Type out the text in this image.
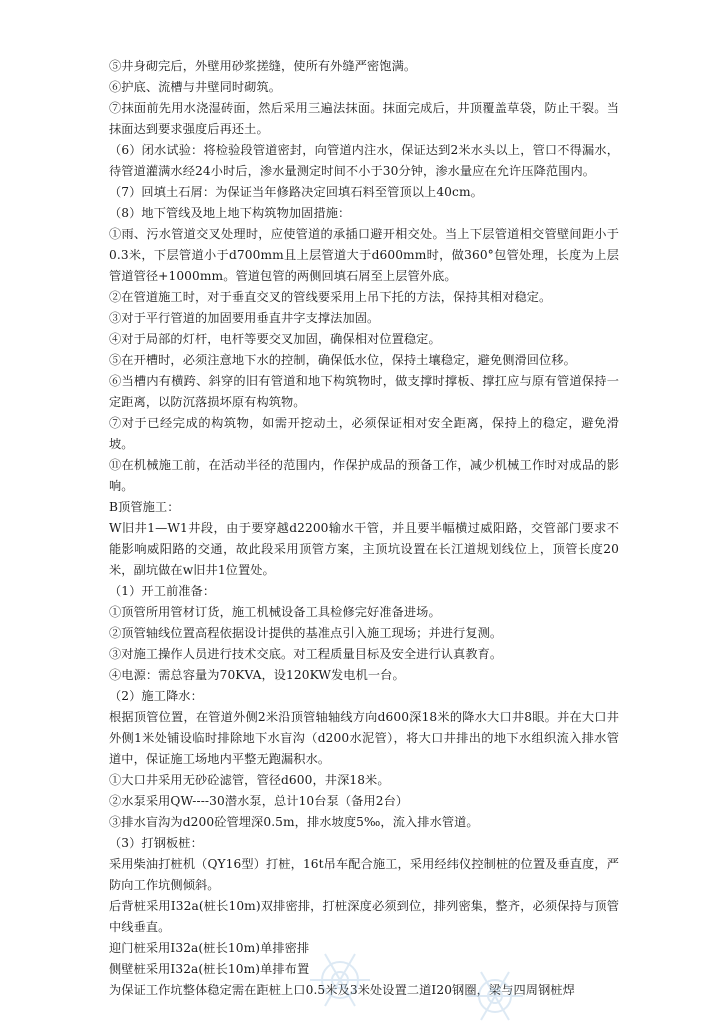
⑤井身砌完后，外壁用砂浆搓缝，使所有外缝严密饱满。

⑥护底、流槽与井壁同时砌筑。

⑦抹面前先用水浇湿砖面，然后采用三遍法抹面。抹面完成后，井顶覆盖草袋，防止干裂。当抹面达到要求强度后再还土。

（6）闭水试验：将检验段管道密封，向管道内注水，保证达到2米水头以上，管口不得漏水，待管道灌满水经24小时后，渗水量测定时间不小于30分钟，渗水量应在允许压降范围内。

（7）回填土石屑：为保证当年修路决定回填石料至管顶以上40cm。

（8）地下管线及地上地下构筑物加固措施：

①雨、污水管道交叉处理时，应使管道的承插口避开相交处。当上下层管道相交管壁间距小于0.3米，下层管道小于d700mm且上层管道大于d600mm时，做360°包管处理，长度为上层管道管径+1000mm。管道包管的两侧回填石屑至上层管外底。

②在管道施工时，对于垂直交叉的管线要采用上吊下托的方法，保持其相对稳定。

③对于平行管道的加固要用垂直井字支撑法加固。

④对于局部的灯杆，电杆等要交叉加固，确保相对位置稳定。

⑤在开槽时，必须注意地下水的控制，确保低水位，保持土壤稳定，避免侧滑回位移。

⑥当槽内有横跨、斜穿的旧有管道和地下构筑物时，做支撑时撑板、撑扛应与原有管道保持一定距离，以防沉落损坏原有构筑物。

⑦对于已经完成的构筑物，如需开挖动土，必须保证相对安全距离，保持上的稳定，避免滑坡。

⑪在机械施工前，在活动半径的范围内，作保护成品的预备工作，减少机械工作时对成品的影响。

B顶管施工：

W旧井1—W1井段，由于要穿越d2200输水干管，并且要半幅横过威阳路，交管部门要求不能影响威阳路的交通，故此段采用顶管方案，主顶坑设置在长江道规划线位上，顶管长度20米，副坑做在w旧井1位置处。

（1）开工前准备：

①顶管所用管材订货，施工机械设备工具检修完好准备进场。

②顶管轴线位置高程依据设计提供的基准点引入施工现场；并进行复测。

③对施工操作人员进行技术交底。对工程质量目标及安全进行认真教育。

④电源：需总容量为70KVA，设120KW发电机一台。

（2）施工降水：

根据顶管位置，在管道外侧2米沿顶管轴轴线方向d600深18米的降水大口井8眼。并在大口井外侧1米处铺设临时排除地下水盲沟（d200水泥管），将大口井排出的地下水组织流入排水管道中，保证施工场地内平整无跑漏积水。

①大口井采用无砂砼滤管，管径d600，井深18米。

②水泵采用QW----30潜水泵，总计10台泵（备用2台）

③排水盲沟为d200砼管埋深0.5m，排水坡度5‰，流入排水管道。

（3）打钢板桩：

采用柴油打桩机（QY16型）打桩，16t吊车配合施工，采用经纬仪控制桩的位置及垂直度，严防向工作坑侧倾斜。

后背桩采用Ⅰ32a(桩长10m)双排密排，打桩深度必须到位，排列密集，整齐，必须保持与顶管中线垂直。

迎门桩采用Ⅰ32a(桩长10m)单排密排

侧壁桩采用Ⅰ32a(桩长10m)单排布置

为保证工作坑整体稳定需在距桩上口0.5米及3米处设置二道Ⅰ20钢圈，梁与四周钢桩焊
